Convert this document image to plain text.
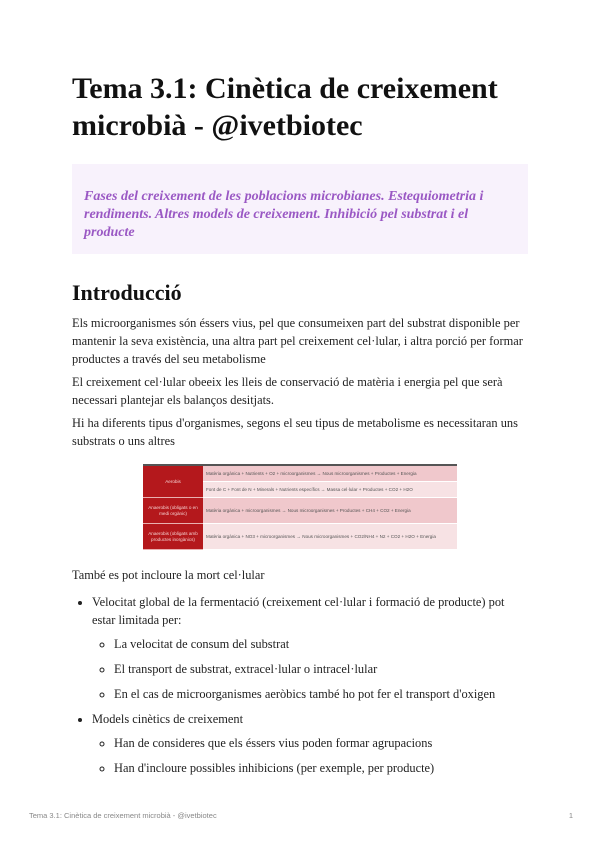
Tema 3.1: Cinètica de creixement microbià - @ivetbiotec
Fases del creixement de les poblacions microbianes. Estequiometria i rendiments. Altres models de creixement. Inhibició pel substrat i el producte
Introducció

Els microorganismes són éssers vius, pel que consumeixen part del substrat disponible per mantenir la seva existència, una altra part pel creixement cel·lular, i altra porció per formar productes a través del seu metabolisme

El creixement cel·lular obeeix les lleis de conservació de matèria i energia pel que serà necessari plantejar els balanços desitjats.

Hi ha diferents tipus d'organismes, segons el seu tipus de metabolisme es necessitaran uns substrats o uns altres

Aerobis
Matèria orgànica + Nutrients + O2 + microorganismes → Nous microorganismes + Productes + Energia
Font de C + Font de N + Minerals + Nutrients específics → Massa cel·lular + Productes + CO2 + H2O
Anaerobis (obligats o en medi orgànic)
Matèria orgànica + microorganismes → Nous microorganismes + Productes + CH4 + CO2 + Energia
Anaerobis (obligats amb productes inorgànics)
Matèria orgànica + NO3 + microorganismes → Nous microorganismes + CO2/NH4 + N2 + CO2 + H2O + Energia

També es pot incloure la mort cel·lular

• Velocitat global de la fermentació (creixement cel·lular i formació de producte) pot estar limitada per:
◦ La velocitat de consum del substrat
◦ El transport de substrat, extracel·lular o intracel·lular
◦ En el cas de microorganismes aeròbics també ho pot fer el transport d'oxigen
• Models cinètics de creixement
◦ Han de consideres que els éssers vius poden formar agrupacions
◦ Han d'incloure possibles inhibicions (per exemple, per producte)
Tema 3.1: Cinètica de creixement microbià - @ivetbiotec	1
